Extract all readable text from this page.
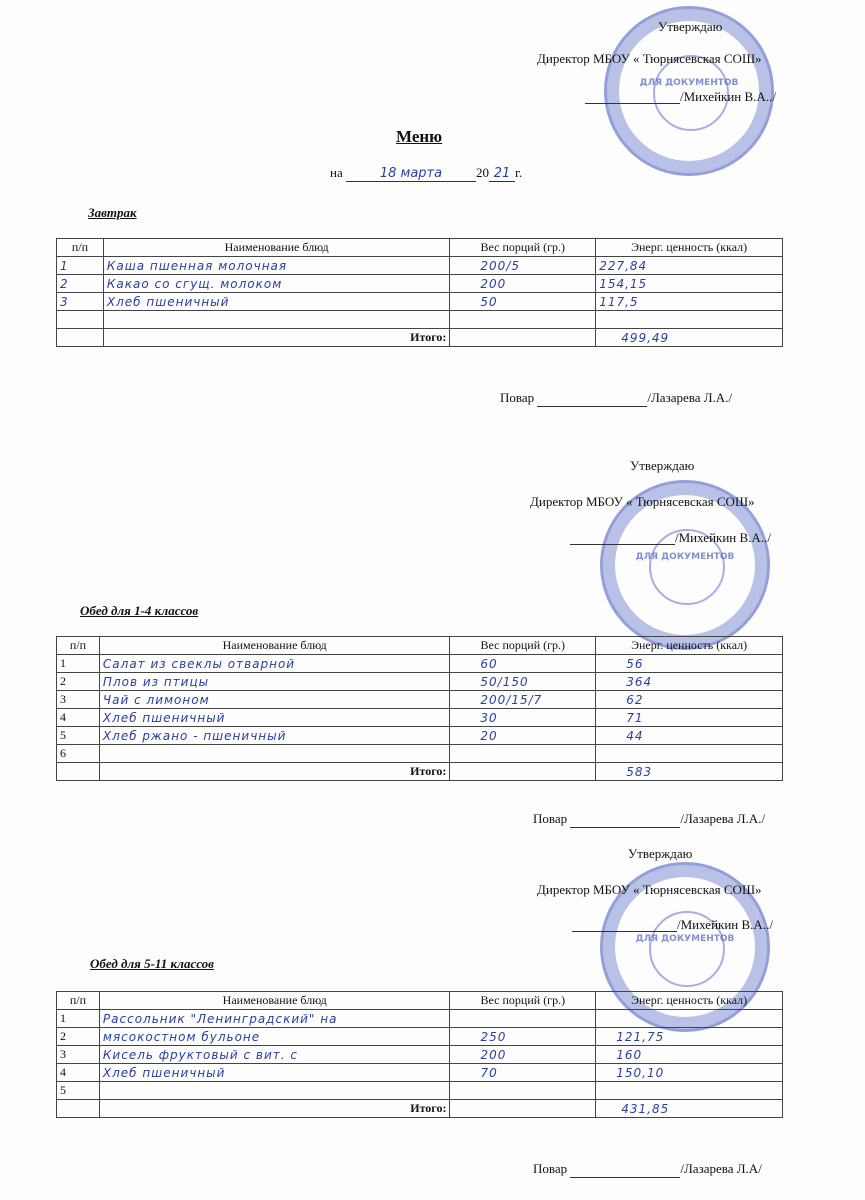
ДЛЯ ДОКУМЕНТОВ
ДЛЯ ДОКУМЕНТОВ
ДЛЯ ДОКУМЕНТОВ
Утверждаю
Директор МБОУ « Тюрнясевская СОШ»
/Михейкин В.А../
Меню
на	18 марта	20 21 г.
Завтрак
п/п	Наименование блюд	Вес порций (гр.)	Энерг. ценность (ккал)
1	Каша пшенная молочная	200/5	227,84
2	Какао со сгущ. молоком	200	154,15
3	Хлеб пшеничный	50	117,5

	Итого:		499,49
Повар	/Лазарева Л.А./
Утверждаю
Директор МБОУ « Тюрнясевская СОШ»
/Михейкин В.А../
Обед для 1-4 классов
п/п	Наименование блюд	Вес порций (гр.)	Энерг. ценность (ккал)
1	Салат из свеклы отварной	60	56
2	Плов из птицы	50/150	364
3	Чай с лимоном	200/15/7	62
4	Хлеб пшеничный	30	71
5	Хлеб ржано - пшеничный	20	44
6			
	Итого:		583
Повар	/Лазарева Л.А./
Утверждаю
Директор МБОУ « Тюрнясевская СОШ»
/Михейкин В.А../
Обед для 5-11 классов
п/п	Наименование блюд	Вес порций (гр.)	Энерг. ценность (ккал)
1	Рассольник "Ленинградский" на		
2	мясокостном бульоне	250	121,75
3	Кисель фруктовый с вит. с	200	160
4	Хлеб пшеничный	70	150,10
5			
	Итого:		431,85
Повар	/Лазарева Л.А/
